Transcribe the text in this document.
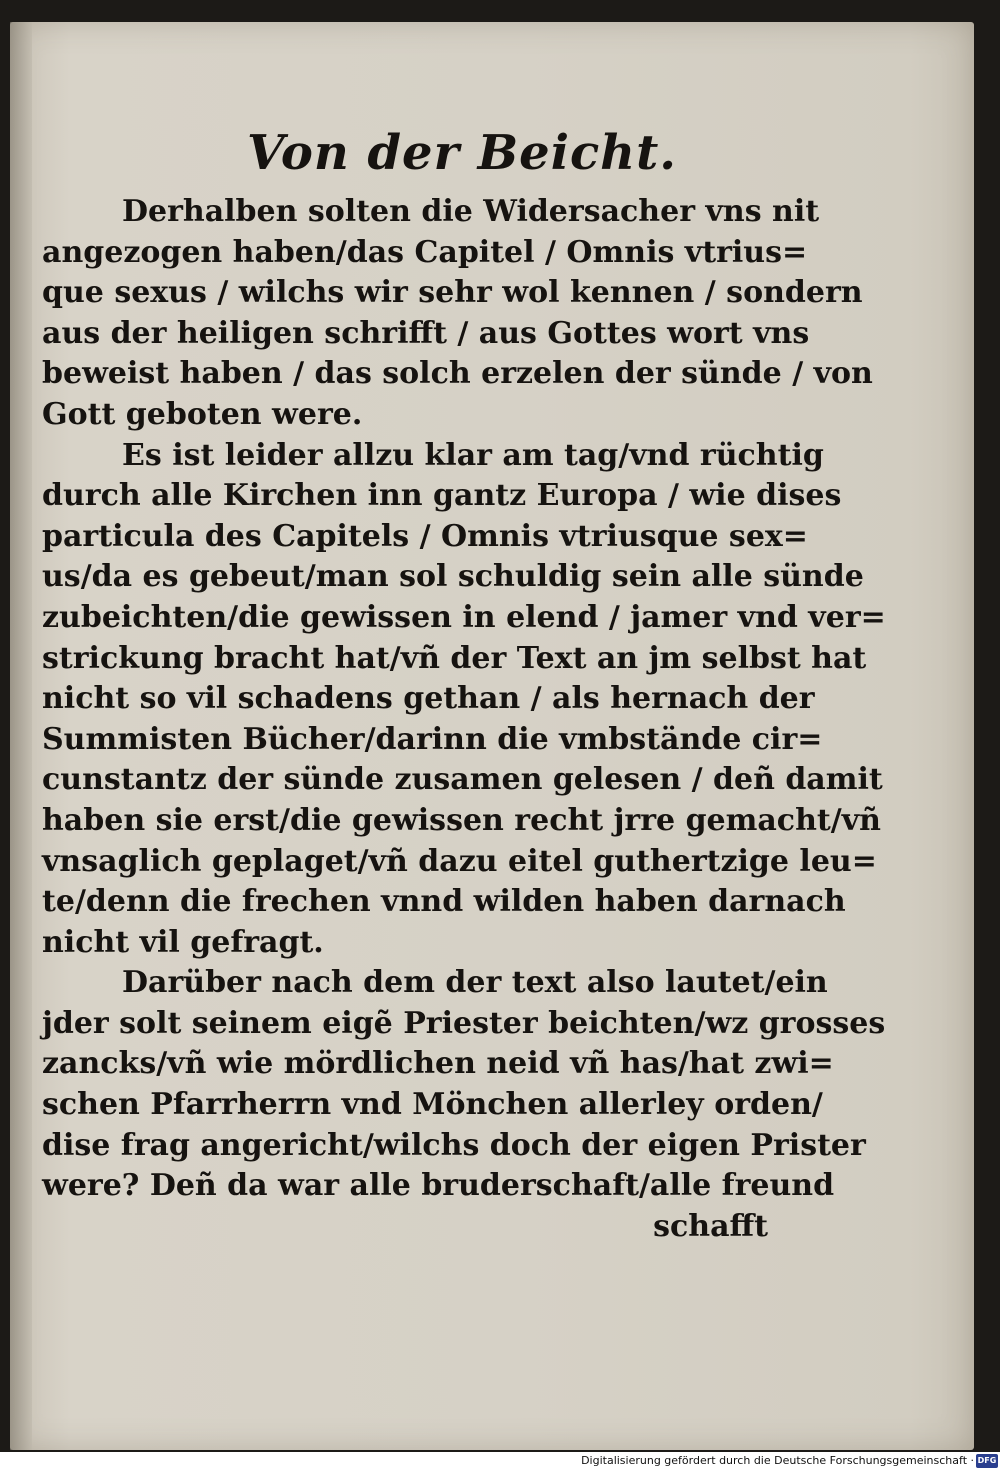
Von der Beicht.
Derhalben solten die Widersacher vns nit
angezogen haben/das Capitel / Omnis vtrius=
que sexus / wilchs wir sehr wol kennen / sondern
aus der heiligen schrifft / aus Gottes wort vns
beweist haben / das solch erzelen der sünde / von
Gott geboten were.
Es ist leider allzu klar am tag/vnd rüchtig
durch alle Kirchen inn gantz Europa / wie dises
particula des Capitels / Omnis vtriusque sex=
us/da es gebeut/man sol schuldig sein alle sünde
zubeichten/die gewissen in elend / jamer vnd ver=
strickung bracht hat/vñ der Text an jm selbst hat
nicht so vil schadens gethan / als hernach der
Summisten Bücher/darinn die vmbstände cir=
cunstantz der sünde zusamen gelesen / deñ damit
haben sie erst/die gewissen recht jrre gemacht/vñ
vnsaglich geplaget/vñ dazu eitel guthertzige leu=
te/denn die frechen vnnd wilden haben darnach
nicht vil gefragt.
Darüber nach dem der text also lautet/ein
jder solt seinem eigẽ Priester beichten/wz grosses
zancks/vñ wie mördlichen neid vñ has/hat zwi=
schen Pfarrherrn vnd Mönchen allerley orden/
dise frag angericht/wilchs doch der eigen Prister
were? Deñ da war alle bruderschaft/alle freund
schafft
Digitalisierung gefördert durch die Deutsche Forschungsgemeinschaft · DFG
